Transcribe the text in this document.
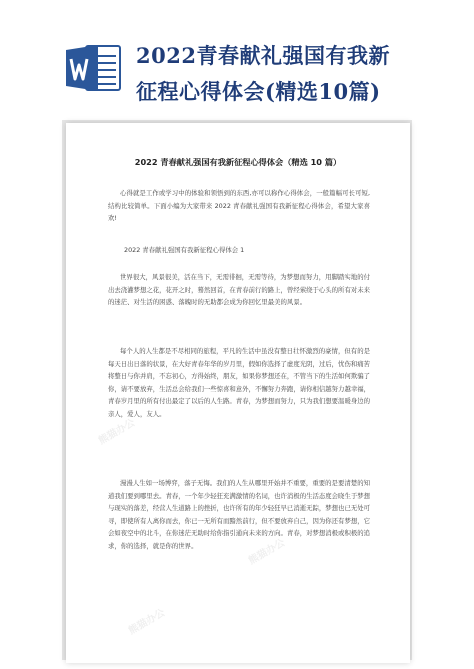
2022青春献礼强国有我新
征程心得体会(精选10篇)
2022 青春献礼强国有我新征程心得体会（精选 10 篇）

心得就是工作或学习中的体验和领悟到的东西,亦可以称作心得体会，一般篇幅可长可短,结构比较简单。下面小编为大家带来 2022 青春献礼强国有我新征程心得体会，希望大家喜欢!

2022 青春献礼强国有我新征程心得体会 1

世界很大，风景很美，活在当下，无需徘徊，无需等待，为梦想而努力，用脚踏实地的付出去浇灌梦想之花，花开之时，蓦然回首，在青春前行的路上，曾经萦绕于心头的所有对未来的迷茫、对生活的困惑、落魄时的无助都会成为你回忆里最美的风景。

每个人的人生都是不尽相同的旅程，平凡的生活中虽没有整日壮怀激烈的豪情，但有的是每天日出日落的状景，在大好青春年华的岁月里，假如你选择了虚度光阴，过后，忧伤和痛苦将整日与你并肩，不忘初心，方得始终，朋友，如果你梦想还在，不管当下的生活如何欺骗了你，请不要放弃，生活总会给我们一些惊喜和意外，不懈努力奔跑，请你相信越努力越幸福，青春岁月里的所有付出最定了以后的人生路。青春，为梦想而努力，只为我们想要温暖身边的亲人，爱人，友人。

漫漫人生如一场博弈，落子无悔。我们的人生从哪里开始并不重要，重要的是要清楚的知道我们要到哪里去。青春，一个年少轻狂充满激情的名词，也许消极的生活态度会晓生于梦想与现实的落差，经营人生道路上的挫折，也许所有的年少轻狂早已消逝无踪，梦想也已无处可寻，即使所有人离你而去，你已一无所有而黯然前行，但不要放弃自己，因为你还有梦想，它会如夜空中的北斗，在你迷茫无助时给你指引通向未来的方向。青春，对梦想消极或积极的追求，你的选择，就是你的世界。

熊猫办公
熊猫办公
熊猫办公
